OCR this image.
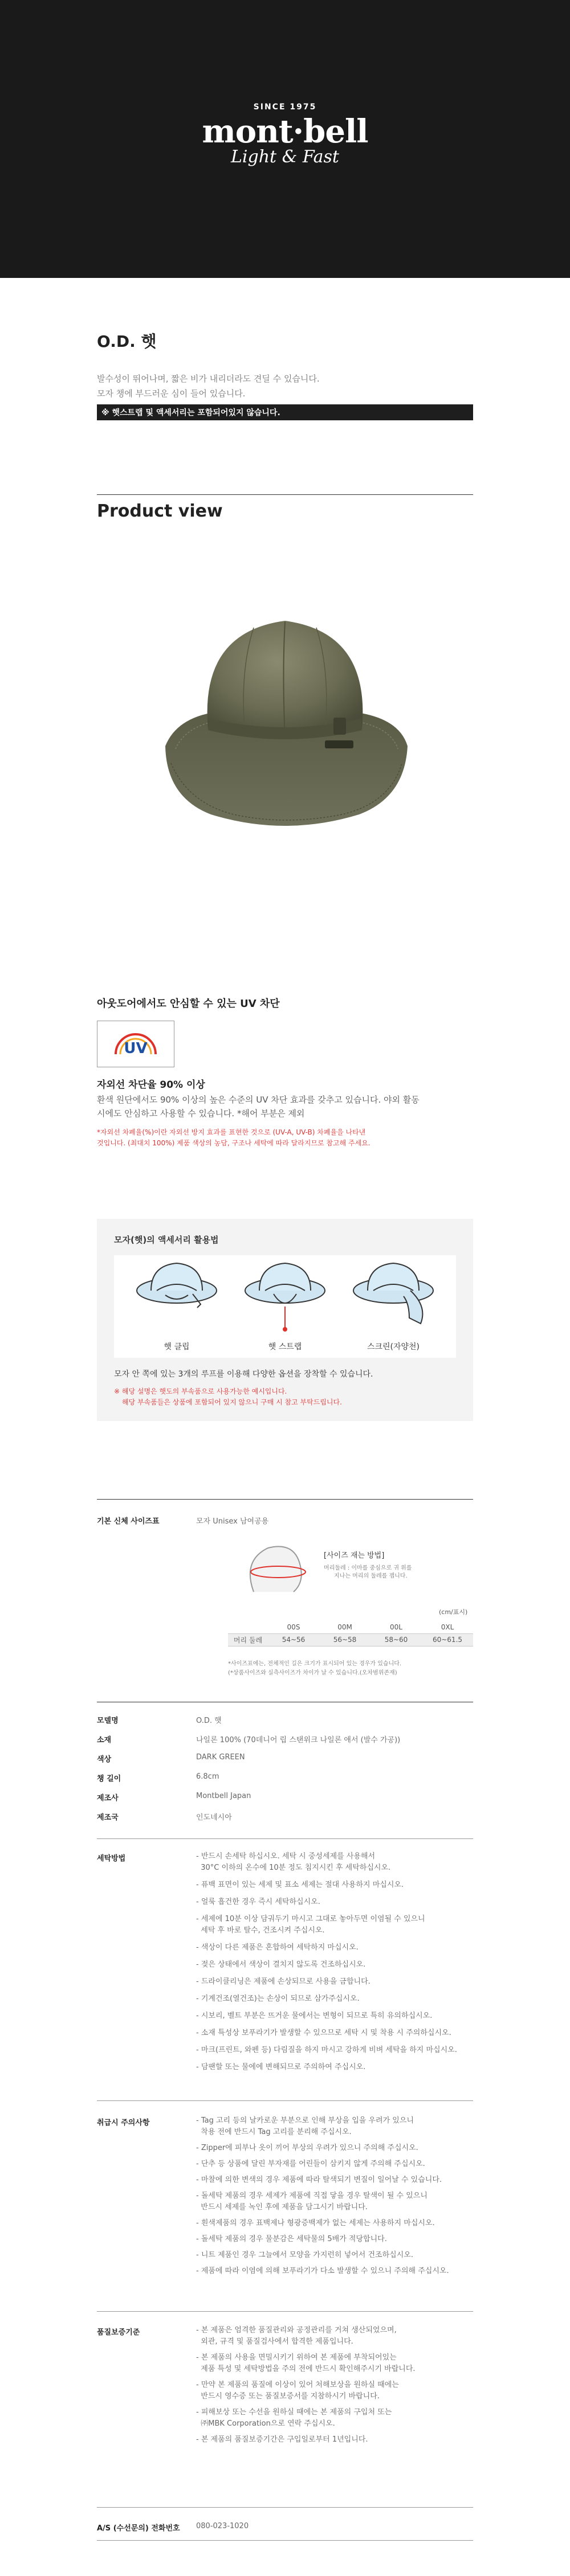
SINCE 1975
mont·bell
Light & Fast
O.D. 햇
발수성이 뛰어나며, 짧은 비가 내리더라도 견딜 수 있습니다.
모자 챙에 부드러운 심이 들어 있습니다.
※ 햇스트랩 및 액세서리는 포함되어있지 않습니다.
Product view
아웃도어에서도 안심할 수 있는 UV 차단
UV
자외선 차단율 90% 이상
환색 원단에서도 90% 이상의 높은 수준의 UV 차단 효과를 갖추고 있습니다. 야외 활동
시에도 안심하고 사용할 수 있습니다. *해어 부분은 제외
*자외선 차폐율(%)이란 자외선 방지 효과를 표현한 것으로 (UV-A, UV-B) 차폐율을 나타낸
것입니다. (최대치 100%) 제품 색상의 농담, 구조나 세탁에 따라 달라지므로 참고해 주세요.
모자(햇)의 액세서리 활용법
햇 클립	햇 스트랩	스크린(자양천)
모자 안 쪽에 있는 3개의 루프를 이용해 다양한 옵션을 장착할 수 있습니다.
※ 해당 설명은 햇도의 부속품으로 사용가능한 예시입니다.
해당 부속품들은 상품에 포함되어 있지 않으니 구매 시 참고 부탁드립니다.
기본 신체 사이즈표	모자 Unisex 남여공용
[사이즈 재는 방법]
머리둘레 : 이마를 중심으로 귀 위를
지나는 머리의 둘레를 잽니다.
(cm/표시)
	00S	00M	00L	0XL
머리 둘레	54~56	56~58	58~60	60~61.5
*사이즈표에는, 전체적인 길은 크기가 표시되어 있는 경우가 있습니다.
(*상품사이즈와 실측사이즈가 차이가 날 수 있습니다.(오차범위존재)
모델명	O.D. 햇
소재	나일론 100% (70데니어 립 스탠위크 나일론 애서 (발수 가공))
색상	DARK GREEN
챙 길이	6.8cm
제조사	Montbell Japan
제조국	인도네시아
세탁방법	- 반드시 손세탁 하십시오. 세탁 시 중성세제를 사용해서
30°C 이하의 온수에 10분 정도 침지시킨 후 세탁하십시오.
- 퓨백 표면이 있는 세제 및 표소 세제는 절대 사용하지 마십시오.
- 얼룩 흡건한 경우 즉시 세탁하십시오.
- 세제에 10분 이상 담궈두기 마시고 그대로 놓아두면 이염될 수 있으니
세탁 후 바로 탈수, 건조시켜 주십시오.
- 색상이 다른 제품은 혼합하여 세탁하지 마십시오.
- 젖은 상태에서 색상이 결치지 않도록 건조하십시오.
- 드라이클리닝은 제품에 손상되므로 사용을 금합니다.
- 기계건조(열건조)는 손상이 되므로 삼가주십시오.
- 시보리, 벨트 부분은 뜨거운 물에서는 변형이 되므로 특히 유의하십시오.
- 소재 특성상 보푸라기가 발생할 수 있으므로 세탁 시 및 착용 시 주의하십시오.
- 마크(프린트, 와펜 등) 다림질을 하지 마시고 강하게 비벼 세탁을 하지 마십시오.
- 담팬할 또는 물에에 변해되므로 주의하여 주십시오.
취급시 주의사항	- Tag 고리 등의 날카로운 부분으로 인해 부상을 입을 우려가 있으니
착용 전에 반드시 Tag 고리를 분리해 주십시오.
- Zipper에 피부나 옷이 끼어 부상의 우려가 있으니 주의해 주십시오.
- 단추 등 상품에 달린 부자재를 어린들이 삼키지 않게 주의해 주십시오.
- 마찰에 의한 변색의 경우 제품에 따라 탈색되기 변질이 일어날 수 있습니다.
- 돌세탁 제품의 경우 세제가 제품에 직접 닿을 경우 탈색이 될 수 있으니
반드시 세제를 녹인 후에 제품을 담그시기 바랍니다.
- 흰색제품의 경우 표백제나 형광증백제가 없는 세제는 사용하지 마십시오.
- 돌세탁 제품의 경우 물분감은 세탁물의 5배가 적당합니다.
- 니트 제품인 경우 그늘에서 모양을 가지런히 넣어서 건조하십시오.
- 제품에 따라 이염에 의해 보푸라기가 다소 발생할 수 있으니 주의해 주십시오.
품질보증기준	- 본 제품은 엄격한 품질관리와 공정관리를 거쳐 생산되었으며,
외관, 규격 및 품질검사에서 합격한 제품입니다.
- 본 제품의 사용을 면밀시키기 위하여 본 제품에 부착되어있는
제품 특성 및 세탁방법을 주의 전에 반드시 확인해주시기 바랍니다.
- 만약 본 제품의 품질에 이상이 있어 처해보상을 원하실 때에는
반드시 영수증 또는 품질보증서를 지참하시기 바랍니다.
- 피해보상 또는 수선을 원하실 때에는 본 제품의 구입처 또는
㈜MBK Corporation으로 연락 주십시오.
- 본 제품의 품질보증기간은 구입일로부터 1년입니다.
A/S (수선문의) 전화번호 080-023-1020
